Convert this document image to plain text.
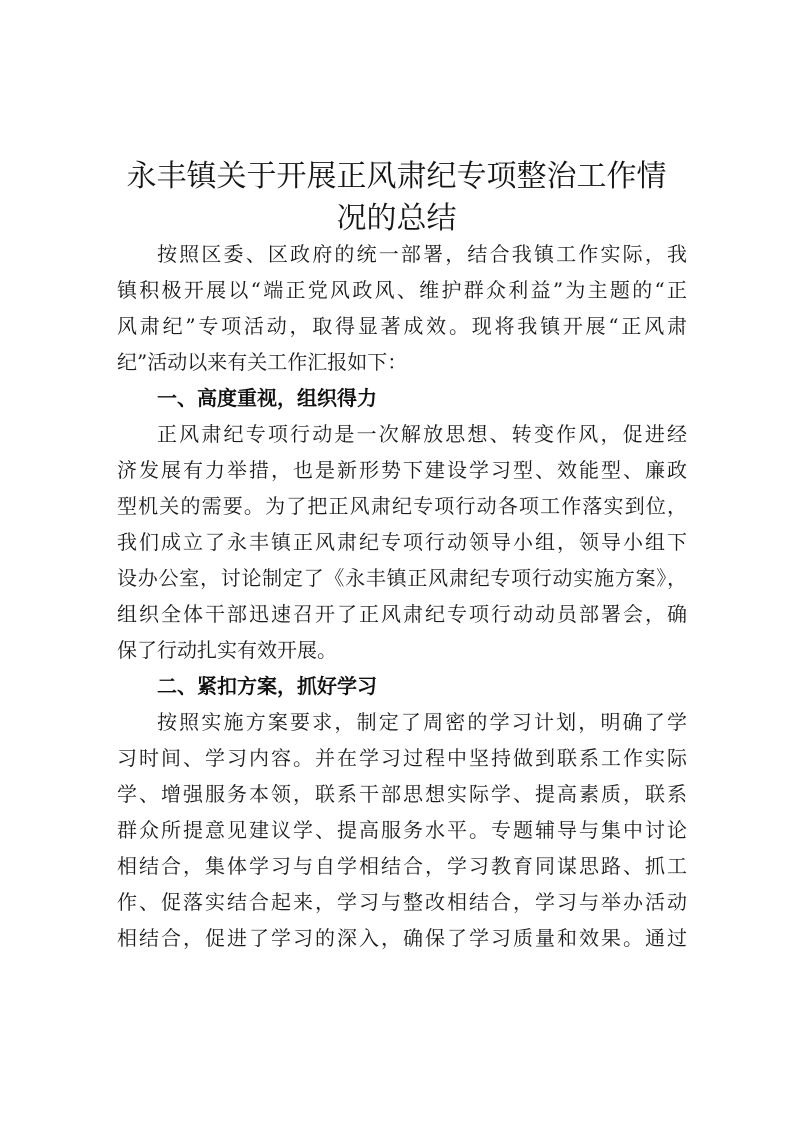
永丰镇关于开展正风肃纪专项整治工作情
况的总结
按照区委、区政府的统一部署，结合我镇工作实际，我
镇积极开展以“端正党风政风、维护群众利益”为主题的“正
风肃纪”专项活动，取得显著成效。现将我镇开展“正风肃
纪”活动以来有关工作汇报如下：
一、高度重视，组织得力
正风肃纪专项行动是一次解放思想、转变作风，促进经
济发展有力举措，也是新形势下建设学习型、效能型、廉政
型机关的需要。为了把正风肃纪专项行动各项工作落实到位，
我们成立了永丰镇正风肃纪专项行动领导小组，领导小组下
设办公室，讨论制定了《永丰镇正风肃纪专项行动实施方案》，
组织全体干部迅速召开了正风肃纪专项行动动员部署会，确
保了行动扎实有效开展。
二、紧扣方案，抓好学习
按照实施方案要求，制定了周密的学习计划，明确了学
习时间、学习内容。并在学习过程中坚持做到联系工作实际
学、增强服务本领，联系干部思想实际学、提高素质，联系
群众所提意见建议学、提高服务水平。专题辅导与集中讨论
相结合，集体学习与自学相结合，学习教育同谋思路、抓工
作、促落实结合起来，学习与整改相结合，学习与举办活动
相结合，促进了学习的深入，确保了学习质量和效果。通过
